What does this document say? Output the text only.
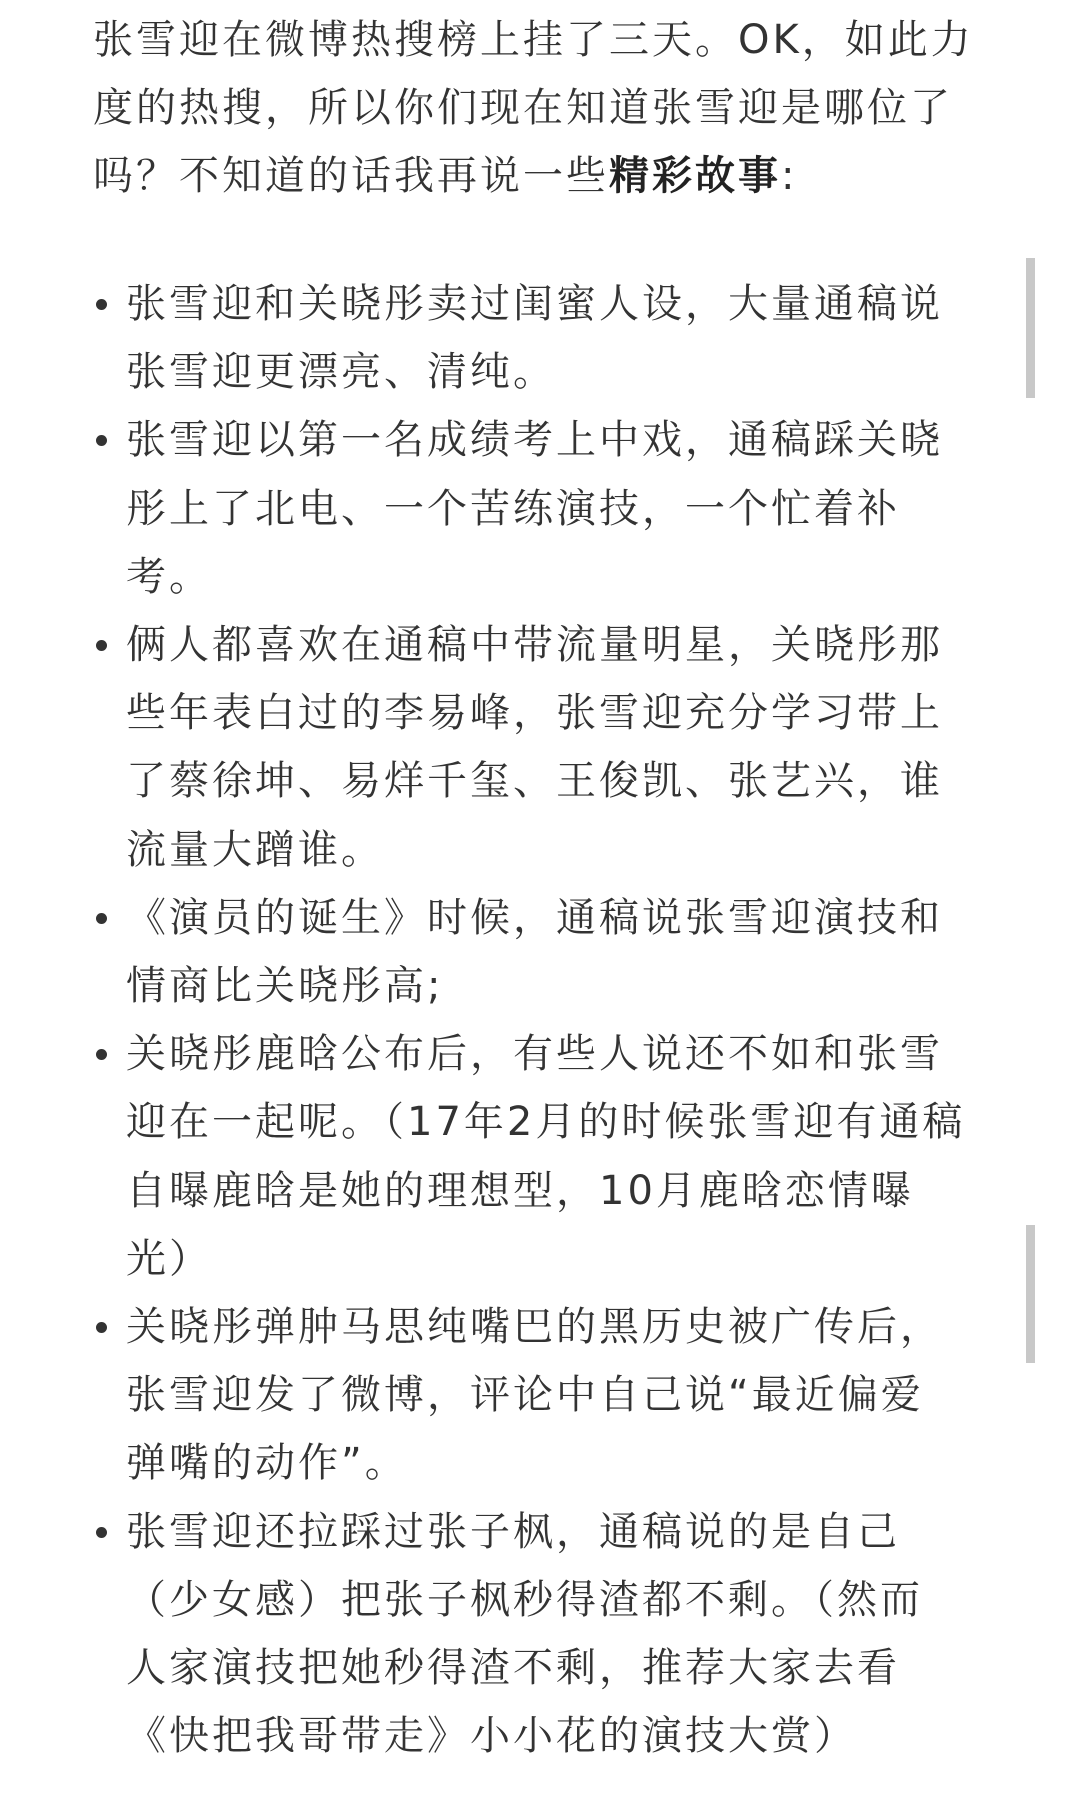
张雪迎在微博热搜榜上挂了三天。OK，如此力
度的热搜，所以你们现在知道张雪迎是哪位了
吗？不知道的话我再说一些精彩故事:
张雪迎和关晓彤卖过闺蜜人设，大量通稿说
张雪迎更漂亮、清纯。
张雪迎以第一名成绩考上中戏，通稿踩关晓
彤上了北电、一个苦练演技，一个忙着补
考。
俩人都喜欢在通稿中带流量明星，关晓彤那
些年表白过的李易峰，张雪迎充分学习带上
了蔡徐坤、易烊千玺、王俊凯、张艺兴，谁
流量大蹭谁。
《演员的诞生》时候，通稿说张雪迎演技和
情商比关晓彤高;
关晓彤鹿晗公布后，有些人说还不如和张雪
迎在一起呢。（17年2月的时候张雪迎有通稿
自曝鹿晗是她的理想型，10月鹿晗恋情曝
光）
关晓彤弹肿马思纯嘴巴的黑历史被广传后，
张雪迎发了微博，评论中自己说“最近偏爱
弹嘴的动作”。
张雪迎还拉踩过张子枫，通稿说的是自己
（少女感）把张子枫秒得渣都不剩。（然而
人家演技把她秒得渣不剩，推荐大家去看
《快把我哥带走》小小花的演技大赏）
